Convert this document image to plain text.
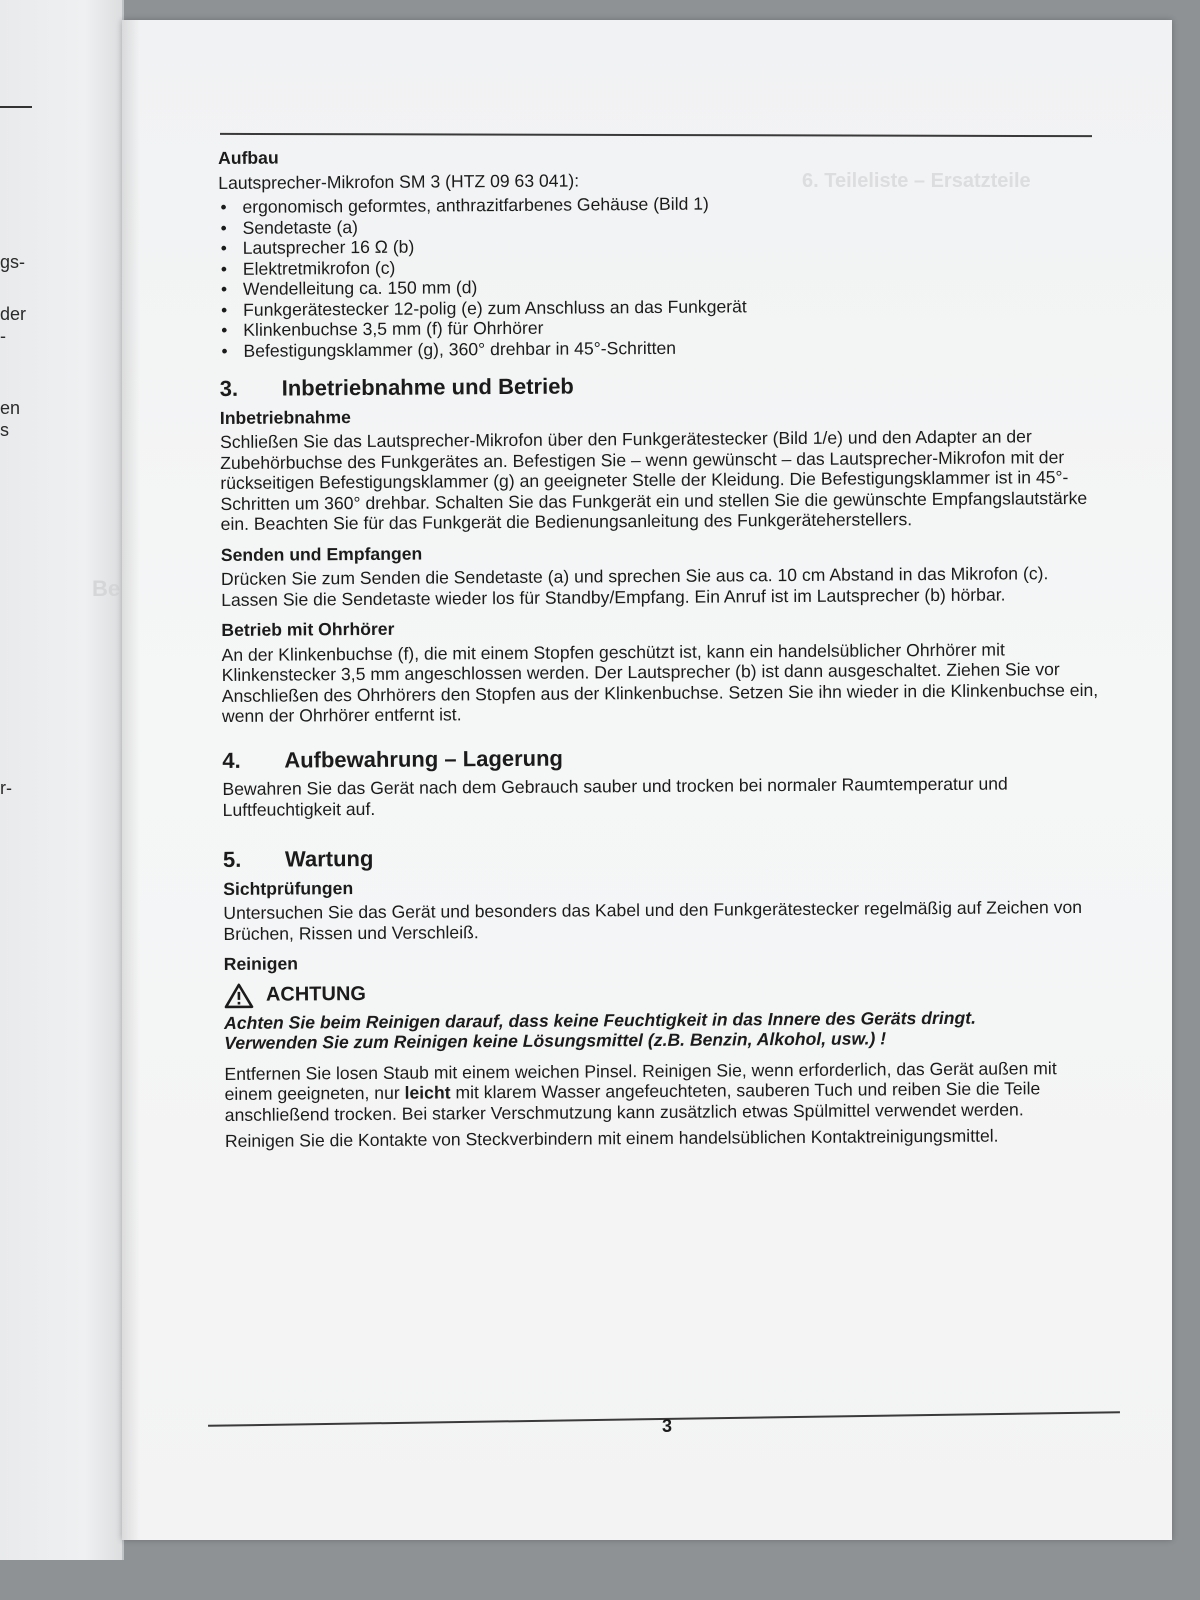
gs-
der
-
en
s
r-
Be
6. Teileliste – Ersatzteile
Aufbau
Lautsprecher-Mikrofon SM 3 (HTZ 09 63 041):
• ergonomisch geformtes, anthrazitfarbenes Gehäuse (Bild 1)
• Sendetaste (a)
• Lautsprecher 16 Ω (b)
• Elektretmikrofon (c)
• Wendelleitung ca. 150 mm (d)
• Funkgerätestecker 12-polig (e) zum Anschluss an das Funkgerät
• Klinkenbuchse 3,5 mm (f) für Ohrhörer
• Befestigungsklammer (g), 360° drehbar in 45°-Schritten
3.	Inbetriebnahme und Betrieb
Inbetriebnahme
Schließen Sie das Lautsprecher-Mikrofon über den Funkgerätestecker (Bild 1/e) und den Adapter an der Zubehörbuchse des Funkgerätes an. Befestigen Sie – wenn gewünscht – das Lautsprecher-Mikrofon mit der rückseitigen Befestigungsklammer (g) an geeigneter Stelle der Kleidung. Die Befestigungsklammer ist in 45°-Schritten um 360° drehbar. Schalten Sie das Funkgerät ein und stellen Sie die gewünschte Empfangslautstärke ein. Beachten Sie für das Funkgerät die Bedienungsanleitung des Funkgeräteherstellers.
Senden und Empfangen
Drücken Sie zum Senden die Sendetaste (a) und sprechen Sie aus ca. 10 cm Abstand in das Mikrofon (c). Lassen Sie die Sendetaste wieder los für Standby/Empfang. Ein Anruf ist im Lautsprecher (b) hörbar.
Betrieb mit Ohrhörer
An der Klinkenbuchse (f), die mit einem Stopfen geschützt ist, kann ein handelsüblicher Ohrhörer mit Klinkenstecker 3,5 mm angeschlossen werden. Der Lautsprecher (b) ist dann ausgeschaltet. Ziehen Sie vor Anschließen des Ohrhörers den Stopfen aus der Klinkenbuchse. Setzen Sie ihn wieder in die Klinkenbuchse ein, wenn der Ohrhörer entfernt ist.
4.	Aufbewahrung – Lagerung
Bewahren Sie das Gerät nach dem Gebrauch sauber und trocken bei normaler Raumtemperatur und Luftfeuchtigkeit auf.
5.	Wartung
Sichtprüfungen
Untersuchen Sie das Gerät und besonders das Kabel und den Funkgerätestecker regelmäßig auf Zeichen von Brüchen, Rissen und Verschleiß.
Reinigen
ACHTUNG
Achten Sie beim Reinigen darauf, dass keine Feuchtigkeit in das Innere des Geräts dringt.
Verwenden Sie zum Reinigen keine Lösungsmittel (z.B. Benzin, Alkohol, usw.) !
Entfernen Sie losen Staub mit einem weichen Pinsel. Reinigen Sie, wenn erforderlich, das Gerät außen mit einem geeigneten, nur leicht mit klarem Wasser angefeuchteten, sauberen Tuch und reiben Sie die Teile anschließend trocken. Bei starker Verschmutzung kann zusätzlich etwas Spülmittel verwendet werden.
Reinigen Sie die Kontakte von Steckverbindern mit einem handelsüblichen Kontaktreinigungsmittel.
3
